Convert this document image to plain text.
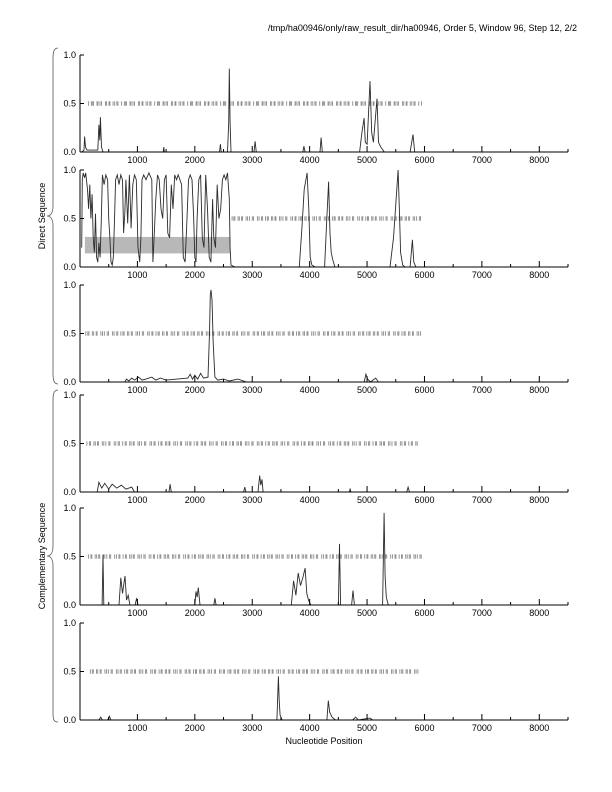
/tmp/ha00946/only/raw_result_dir/ha00946, Order 5, Window 96, Step 12, 2/2
1.0
0.5
0.0
1000	2000	3000	4000	5000	6000	7000	8000
1.0
0.5
0.0
1000	2000	3000	4000	5000	6000	7000	8000
1.0
0.5
0.0
1000	2000	3000	4000	5000	6000	7000	8000
1.0
0.5
0.0
1000	2000	3000	4000	5000	6000	7000	8000
1.0
0.5
0.0
1000	2000	3000	4000	5000	6000	7000	8000
1.0
0.5
0.0
1000	2000	3000	4000	5000	6000	7000	8000
Direct Sequence
Complementary Sequence
Nucleotide Position
